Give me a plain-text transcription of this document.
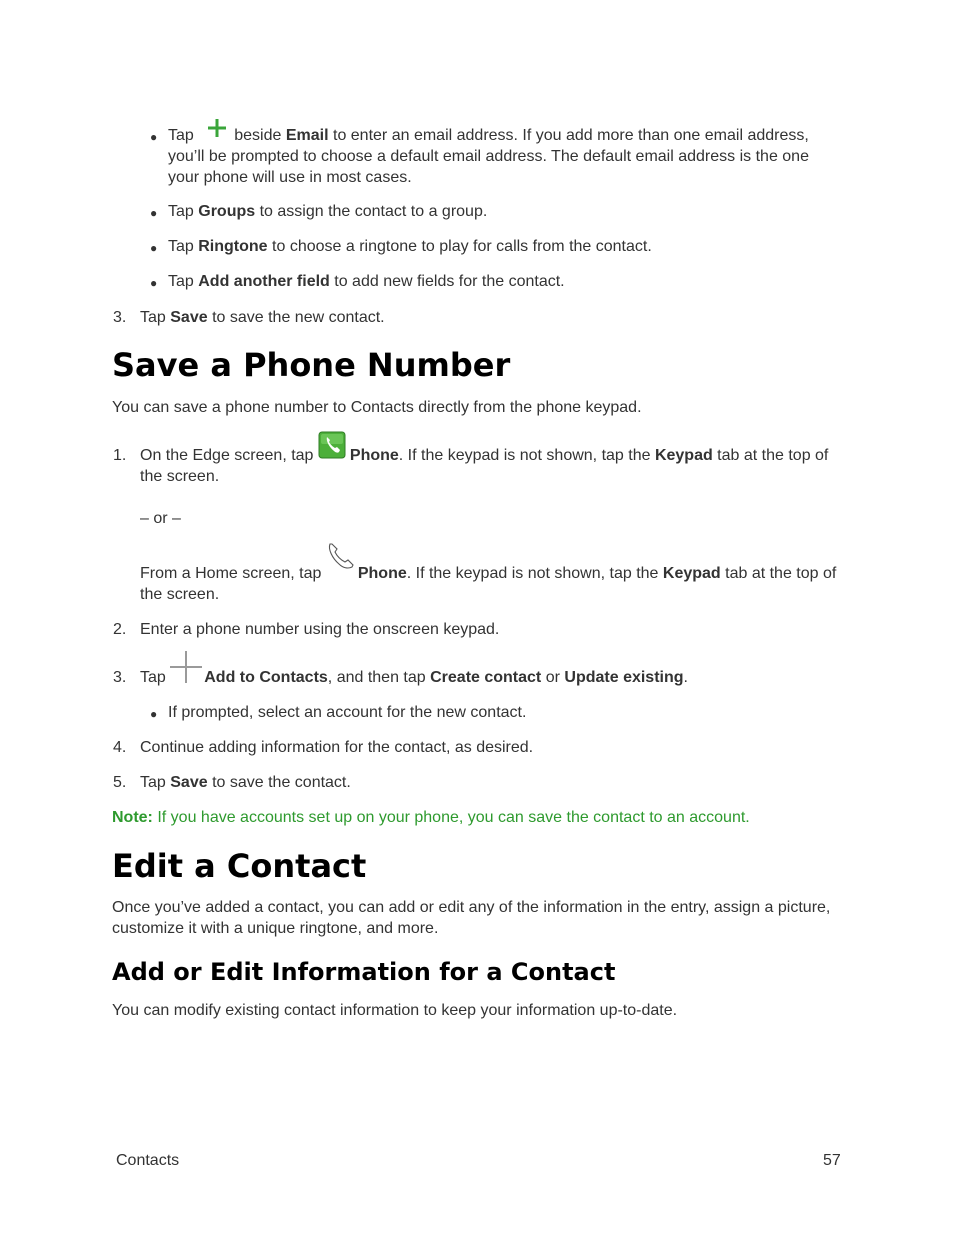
● Tap	beside Email to enter an email address. If you add more than one email address, you’ll be prompted to choose a default email address. The default email address is the one your phone will use in most cases.
● Tap Groups to assign the contact to a group.
● Tap Ringtone to choose a ringtone to play for calls from the contact.
● Tap Add another field to add new fields for the contact.
3. Tap Save to save the new contact.
Save a Phone Number
You can save a phone number to Contacts directly from the phone keypad.
1. On the Edge screen, tap Phone. If the keypad is not shown, tap the Keypad tab at the top of the screen.
– or –
From a Home screen, tap Phone. If the keypad is not shown, tap the Keypad tab at the top of the screen.
2. Enter a phone number using the onscreen keypad.
3. Tap Add to Contacts, and then tap Create contact or Update existing.
● If prompted, select an account for the new contact.
4. Continue adding information for the contact, as desired.
5. Tap Save to save the contact.
Note: If you have accounts set up on your phone, you can save the contact to an account.
Edit a Contact
Once you’ve added a contact, you can add or edit any of the information in the entry, assign a picture, customize it with a unique ringtone, and more.
Add or Edit Information for a Contact
You can modify existing contact information to keep your information up-to-date.
Contacts	57
